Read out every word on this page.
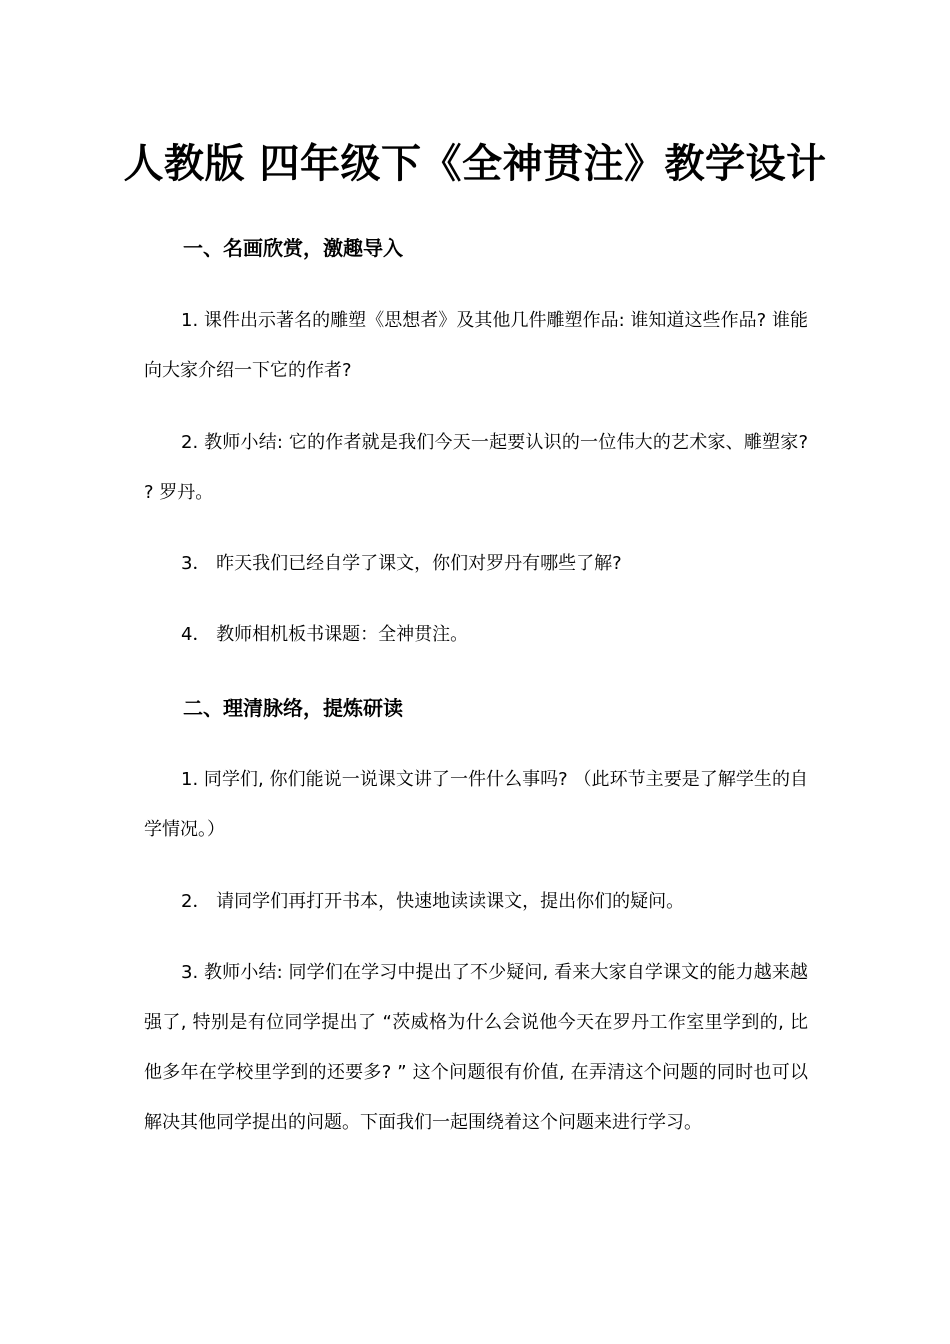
人教版 四年级下《全神贯注》教学设计
一、名画欣赏，激趣导入
1. 课件出示著名的雕塑《思想者》及其他几件雕塑作品: 谁知道这些作品? 谁能向大家介绍一下它的作者?
2. 教师小结: 它的作者就是我们今天一起要认识的一位伟大的艺术家、雕塑家? ? 罗丹。
3． 昨天我们已经自学了课文，你们对罗丹有哪些了解?
4． 教师相机板书课题：全神贯注。
二、理清脉络，提炼研读
1. 同学们, 你们能说一说课文讲了一件什么事吗? （此环节主要是了解学生的自学情况。）
2． 请同学们再打开书本，快速地读读课文，提出你们的疑问。
3. 教师小结: 同学们在学习中提出了不少疑问, 看来大家自学课文的能力越来越强了, 特别是有位同学提出了 “茨威格为什么会说他今天在罗丹工作室里学到的, 比他多年在学校里学到的还要多? ” 这个问题很有价值, 在弄清这个问题的同时也可以解决其他同学提出的问题。下面我们一起围绕着这个问题来进行学习。
